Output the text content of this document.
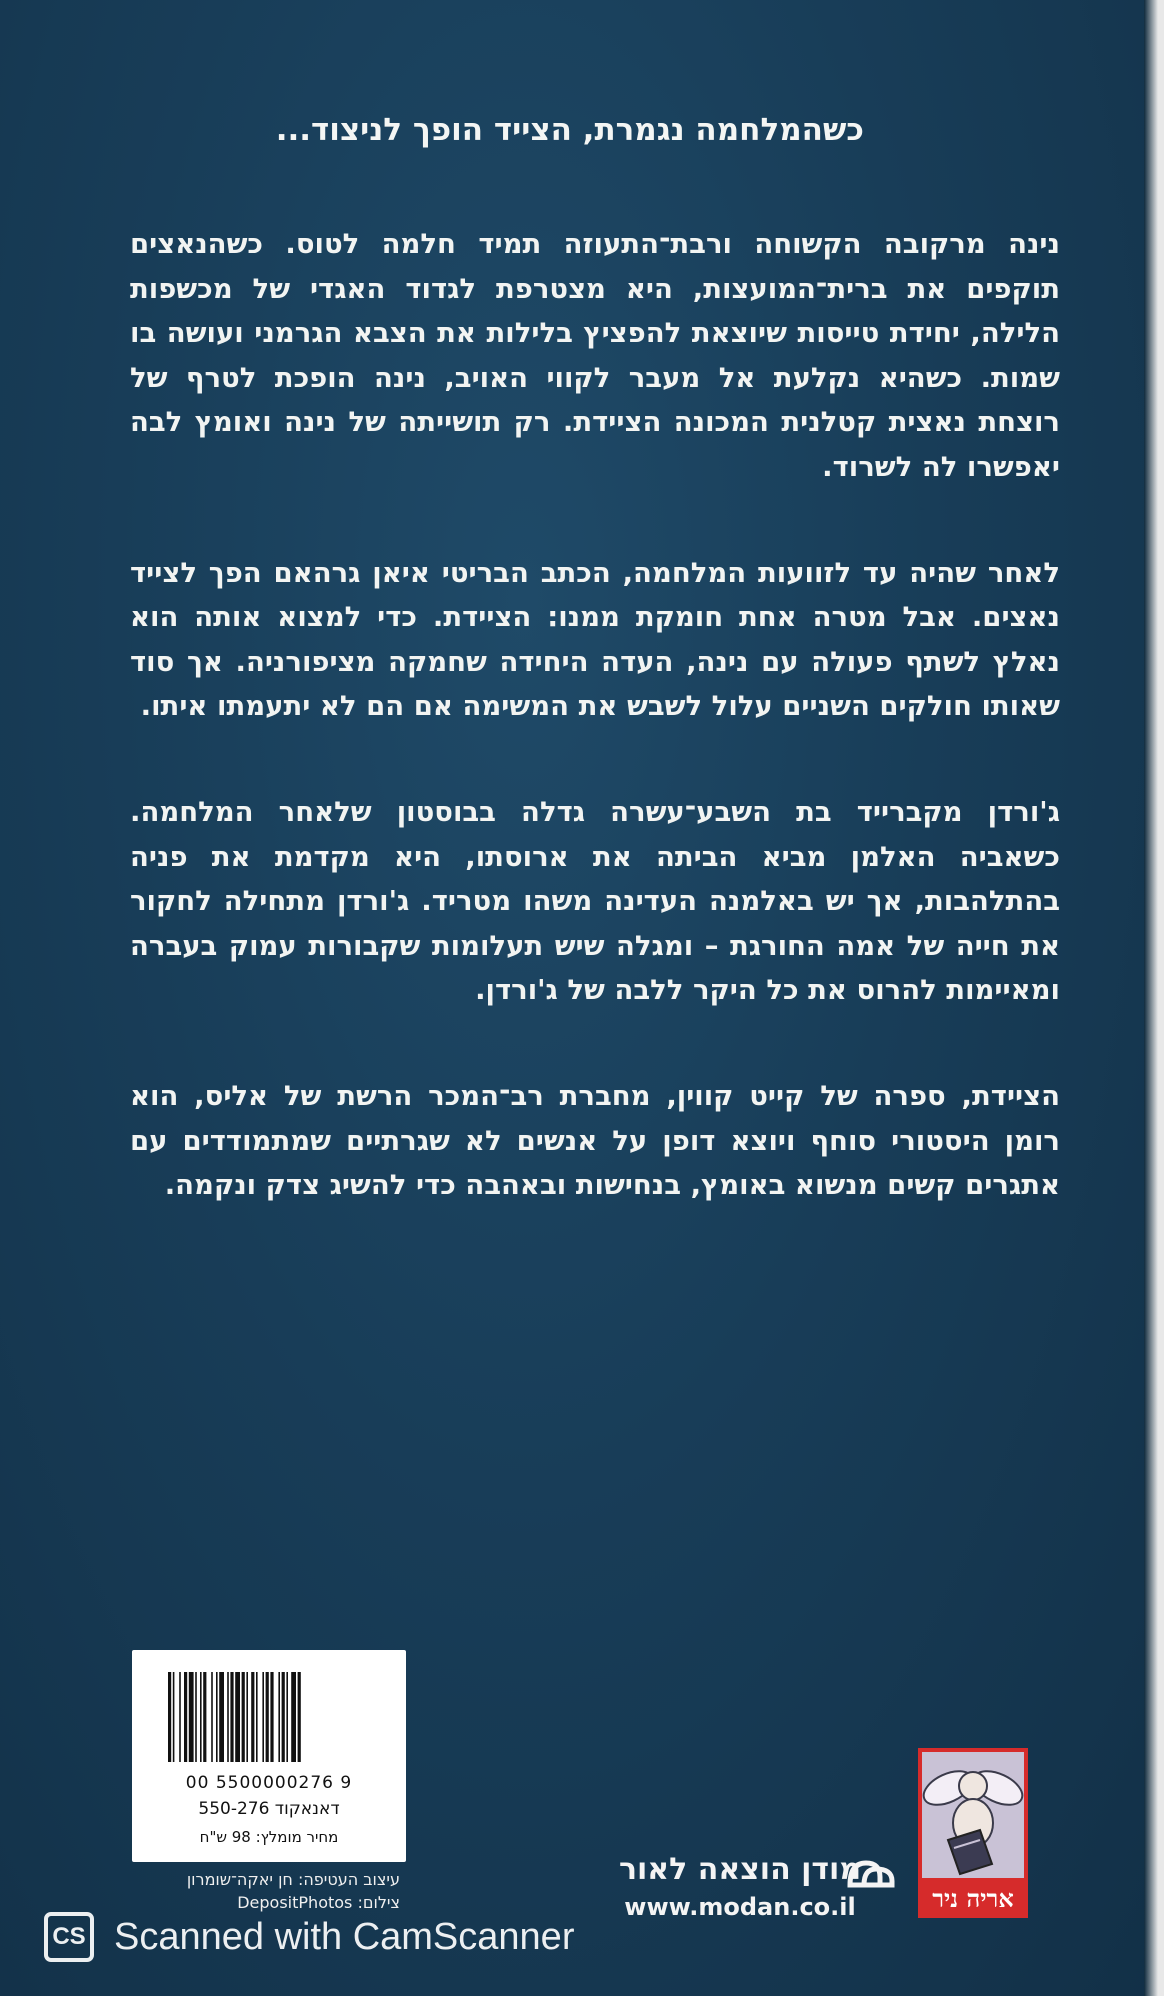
כשהמלחמה נגמרת, הצייד הופך לניצוד...

נינה מרקובה הקשוחה ורבת־התעוזה תמיד חלמה לטוס. כשהנאצים תוקפים את ברית־המועצות, היא מצטרפת לגדוד האגדי של מכשפות הלילה, יחידת טייסות שיוצאת להפציץ בלילות את הצבא הגרמני ועושה בו שמות. כשהיא נקלעת אל מעבר לקווי האויב, נינה הופכת לטרף של רוצחת נאצית קטלנית המכונה הציידת. רק תושייתה של נינה ואומץ לבה יאפשרו לה לשרוד.

לאחר שהיה עד לזוועות המלחמה, הכתב הבריטי איאן גרהאם הפך לצייד נאצים. אבל מטרה אחת חומקת ממנו: הציידת. כדי למצוא אותה הוא נאלץ לשתף פעולה עם נינה, העדה היחידה שחמקה מציפורניה. אך סוד שאותו חולקים השניים עלול לשבש את המשימה אם הם לא יתעמתו איתו.

ג'ורדן מקברייד בת השבע־עשרה גדלה בבוסטון שלאחר המלחמה. כשאביה האלמן מביא הביתה את ארוסתו, היא מקדמת את פניה בהתלהבות, אך יש באלמנה העדינה משהו מטריד. ג'ורדן מתחילה לחקור את חייה של אמה החורגת – ומגלה שיש תעלומות שקבורות עמוק בעברה ומאיימות להרוס את כל היקר ללבה של ג'ורדן.

הציידת, ספרה של קייט קווין, מחברת רב־המכר הרשת של אליס, הוא רומן היסטורי סוחף ויוצא דופן על אנשים לא שגרתיים שמתמודדים עם אתגרים קשים מנשוא באומץ, בנחישות ובאהבה כדי להשיג צדק ונקמה.

00 5500000276 9
דאנאקוד 550-276
מחיר מומלץ: 98 ש"ח
עיצוב העטיפה: חן יאקה־שומרון
צילום: DepositPhotos
מודן הוצאה לאור
www.modan.co.il	אריה ניר
CS Scanned with CamScanner
